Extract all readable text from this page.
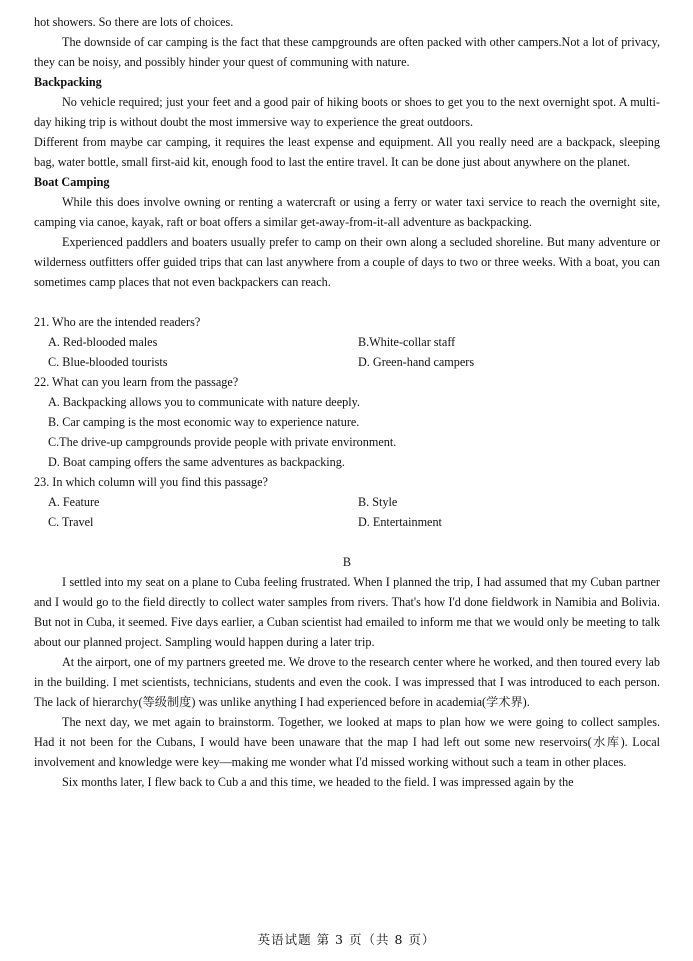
hot showers. So there are lots of choices.

The downside of car camping is the fact that these campgrounds are often packed with other campers.Not a lot of privacy, they can be noisy, and possibly hinder your quest of communing with nature.

Backpacking

No vehicle required; just your feet and a good pair of hiking boots or shoes to get you to the next overnight spot. A multi-day hiking trip is without doubt the most immersive way to experience the great outdoors.

Different from maybe car camping, it requires the least expense and equipment. All you really need are a backpack, sleeping bag, water bottle, small first-aid kit, enough food to last the entire travel. It can be done just about anywhere on the planet.

Boat Camping

While this does involve owning or renting a watercraft or using a ferry or water taxi service to reach the overnight site, camping via canoe, kayak, raft or boat offers a similar get-away-from-it-all adventure as backpacking.

Experienced paddlers and boaters usually prefer to camp on their own along a secluded shoreline. But many adventure or wilderness outfitters offer guided trips that can last anywhere from a couple of days to two or three weeks. With a boat, you can sometimes camp places that not even backpackers can reach.

21. Who are the intended readers?

A. Red-blooded males	B.White-collar staff
C. Blue-blooded tourists	D. Green-hand campers

22. What can you learn from the passage?

A. Backpacking allows you to communicate with nature deeply.
B. Car camping is the most economic way to experience nature.
C.The drive-up campgrounds provide people with private environment.
D. Boat camping offers the same adventures as backpacking.

23. In which column will you find this passage?

A. Feature	B. Style
C. Travel	D. Entertainment

B

I settled into my seat on a plane to Cuba feeling frustrated. When I planned the trip, I had assumed that my Cuban partner and I would go to the field directly to collect water samples from rivers. That's how I'd done fieldwork in Namibia and Bolivia. But not in Cuba, it seemed. Five days earlier, a Cuban scientist had emailed to inform me that we would only be meeting to talk about our planned project. Sampling would happen during a later trip.

At the airport, one of my partners greeted me. We drove to the research center where he worked, and then toured every lab in the building. I met scientists, technicians, students and even the cook. I was impressed that I was introduced to each person. The lack of hierarchy(等级制度) was unlike anything I had experienced before in academia(学术界).

The next day, we met again to brainstorm. Together, we looked at maps to plan how we were going to collect samples. Had it not been for the Cubans, I would have been unaware that the map I had left out some new reservoirs(水库). Local involvement and knowledge were key—making me wonder what I'd missed working without such a team in other places.

Six months later, I flew back to Cub a and this time, we headed to the field. I was impressed again by the

英语试题 第 3 页（共 8 页）
